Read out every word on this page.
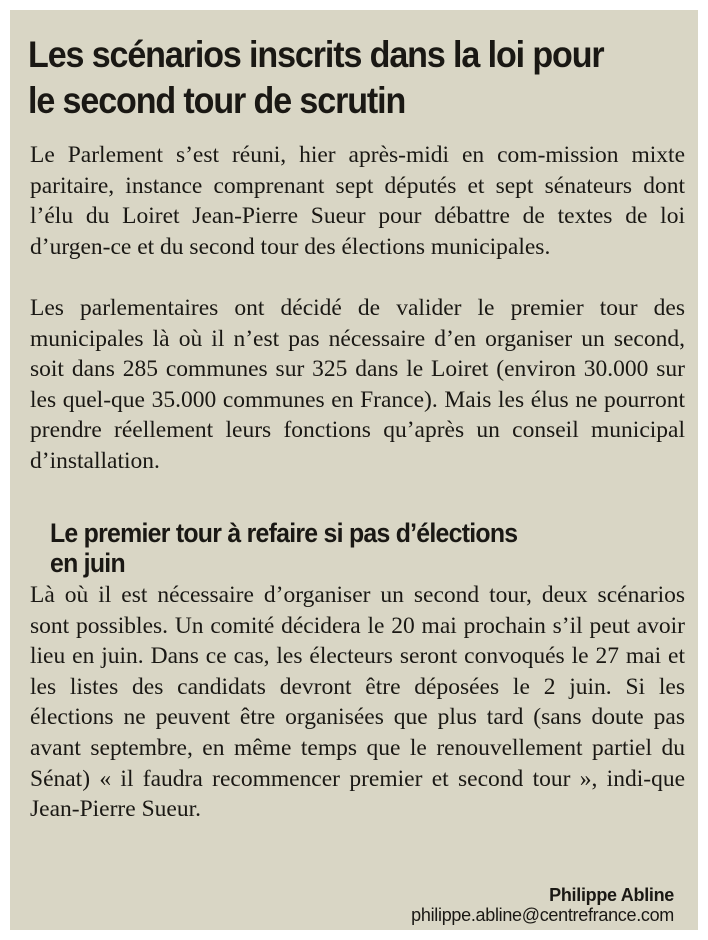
Les scénarios inscrits dans la loi pour le second tour de scrutin

Le Parlement s’est réuni, hier après-midi en com-mission mixte paritaire, instance comprenant sept députés et sept sénateurs dont l’élu du Loiret Jean-Pierre Sueur pour débattre de textes de loi d’urgen-ce et du second tour des élections municipales.

Les parlementaires ont décidé de valider le premier tour des municipales là où il n’est pas nécessaire d’en organiser un second, soit dans 285 communes sur 325 dans le Loiret (environ 30.000 sur les quel-que 35.000 communes en France). Mais les élus ne pourront prendre réellement leurs fonctions qu’après un conseil municipal d’installation.

Le premier tour à refaire si pas d’élections en juin

Là où il est nécessaire d’organiser un second tour, deux scénarios sont possibles. Un comité décidera le 20 mai prochain s’il peut avoir lieu en juin. Dans ce cas, les électeurs seront convoqués le 27 mai et les listes des candidats devront être déposées le 2 juin. Si les élections ne peuvent être organisées que plus tard (sans doute pas avant septembre, en même temps que le renouvellement partiel du Sénat) « il faudra recommencer premier et second tour », indi-que Jean-Pierre Sueur.

Philippe Abline
philippe.abline@centrefrance.com
